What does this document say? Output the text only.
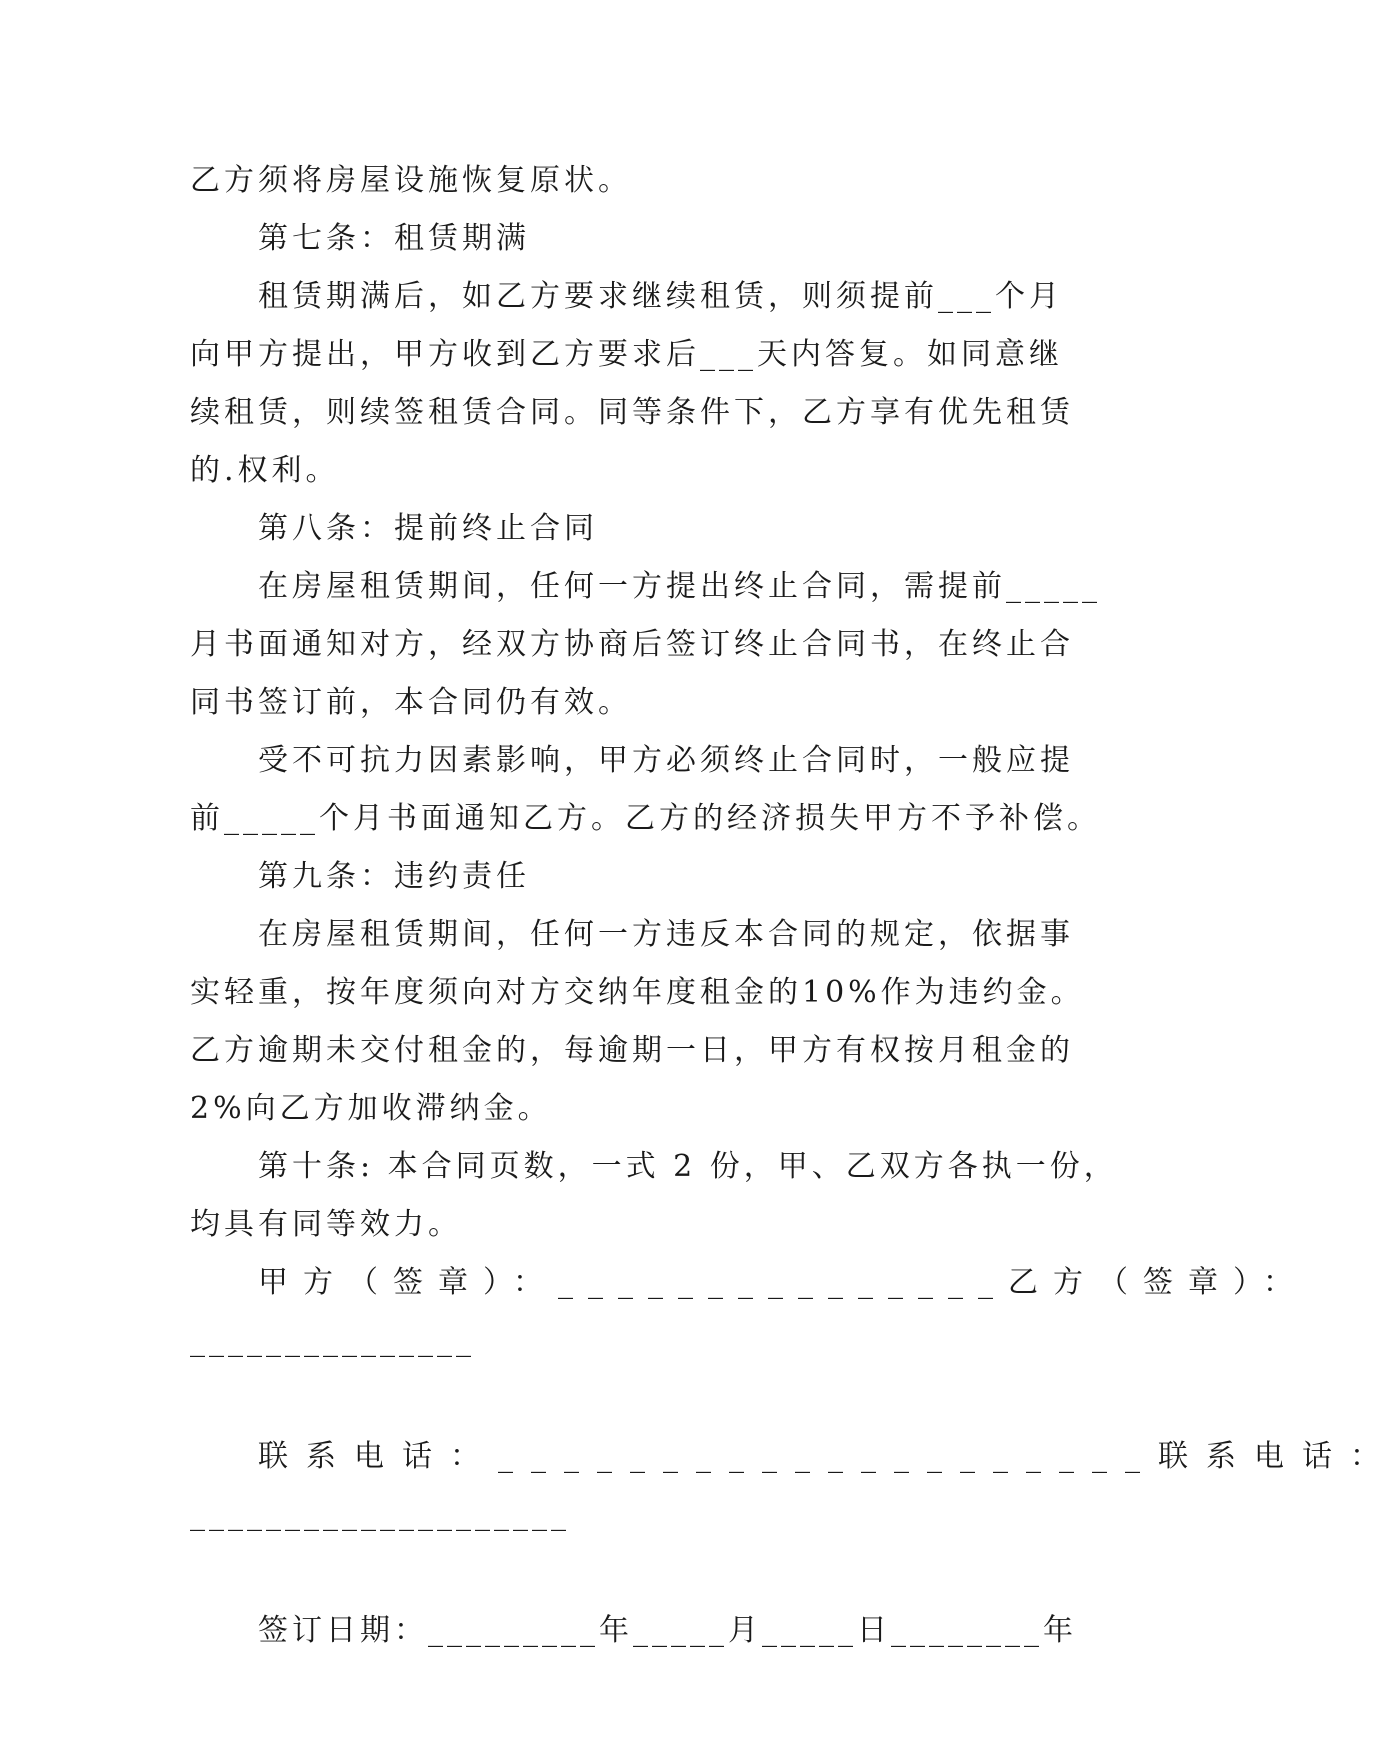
乙方须将房屋设施恢复原状。
第七条：租赁期满
租赁期满后，如乙方要求继续租赁，则须提前___个月
向甲方提出，甲方收到乙方要求后___天内答复。如同意继
续租赁，则续签租赁合同。同等条件下，乙方享有优先租赁
的.权利。
第八条：提前终止合同
在房屋租赁期间，任何一方提出终止合同，需提前_____
月书面通知对方，经双方协商后签订终止合同书，在终止合
同书签订前，本合同仍有效。
受不可抗力因素影响，甲方必须终止合同时，一般应提
前_____个月书面通知乙方。乙方的经济损失甲方不予补偿。
第九条：违约责任
在房屋租赁期间，任何一方违反本合同的规定，依据事
实轻重，按年度须向对方交纳年度租金的10%作为违约金。
乙方逾期未交付租金的，每逾期一日，甲方有权按月租金的
2%向乙方加收滞纳金。
第十条: 本合同页数，一式 2 份，甲、乙双方各执一份，
均具有同等效力。
甲方（签章）：_______________乙方（签章）：
_______________
联系电话：____________________联系电话：
____________________
签订日期：_________年_____月_____日________年
